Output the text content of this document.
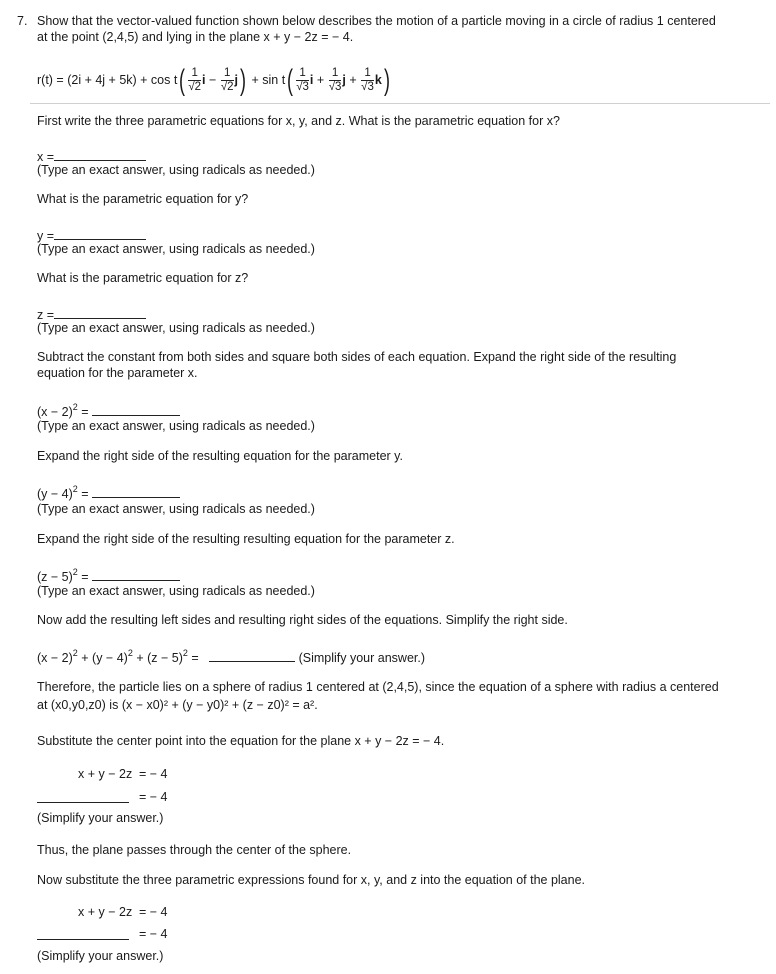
7. Show that the vector-valued function shown below describes the motion of a particle moving in a circle of radius 1 centered
at the point (2,4,5) and lying in the plane x + y − 2z = − 4.
$r(t) = (2i + 4j + 5k) + \cos t( \frac{1}{√2}$ $i - \frac{1}{√2} j) + \sin t( \frac{1}{√3}$ $i + \frac{1}{√3}$ $j + \frac{1}{√3} k$)
First write the three parametric equations for x, y, and z. What is the parametric equation for x?
x =
(Type an exact answer, using radicals as needed.)
What is the parametric equation for y?
y =
(Type an exact answer, using radicals as needed.)
What is the parametric equation for z?
z =
(Type an exact answer, using radicals as needed.)
Subtract the constant from both sides and square both sides of each equation. Expand the right side of the resulting
equation for the parameter x.
$(x - 2)^2$ =
(Type an exact answer, using radicals as needed.)
Expand the right side of the resulting equation for the parameter y.
$(y - 4)^2$ =
(Type an exact answer, using radicals as needed.)
Expand the right side of the resulting resulting equation for the parameter z.
$(z - 5)^2$ =
(Type an exact answer, using radicals as needed.)
Now add the resulting left sides and resulting right sides of the equations. Simplify the right side.
$(x - 2)^2 + (y - 4)^2 + (z - 5)^2$ =	(Simplify your answer.)
Therefore, the particle lies on a sphere of radius 1 centered at (2,4,5), since the equation of a sphere with radius a centered
at (x0,y0,z0) is (x − x0)² + (y − y0)² + (z − z0)² = a².
Substitute the center point into the equation for the plane x + y − 2z = − 4.
x + y − 2z = − 4
= − 4
(Simplify your answer.)
Thus, the plane passes through the center of the sphere.
Now substitute the three parametric expressions found for x, y, and z into the equation of the plane.
x + y − 2z = − 4
= − 4
(Simplify your answer.)
